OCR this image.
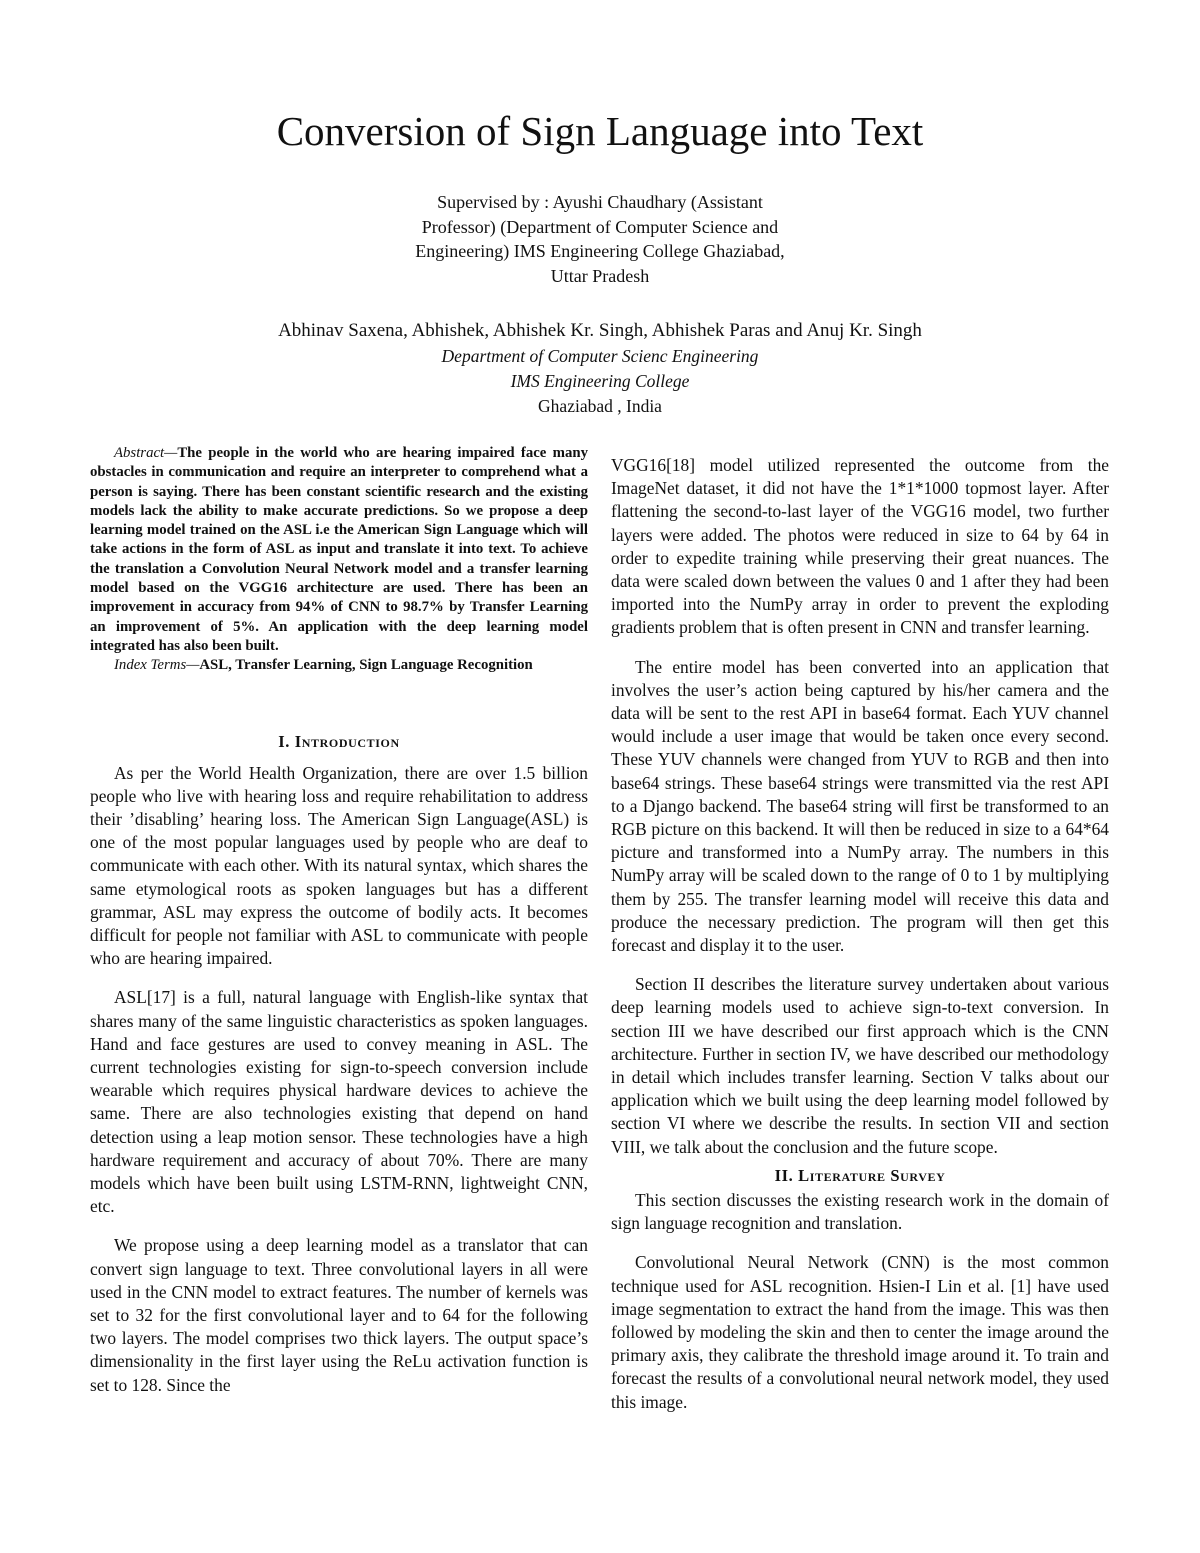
Conversion of Sign Language into Text
Supervised by : Ayushi Chaudhary (Assistant
Professor) (Department of Computer Science and
Engineering) IMS Engineering College Ghaziabad,
Uttar Pradesh
Abhinav Saxena, Abhishek, Abhishek Kr. Singh, Abhishek Paras and Anuj Kr. Singh
Department of Computer Scienc Engineering
IMS Engineering College
Ghaziabad , India

Abstract—The people in the world who are hearing impaired face many obstacles in communication and require an interpreter to comprehend what a person is saying. There has been constant scientific research and the existing models lack the ability to make accurate predictions. So we propose a deep learning model trained on the ASL i.e the American Sign Language which will take actions in the form of ASL as input and translate it into text. To achieve the translation a Convolution Neural Network model and a transfer learning model based on the VGG16 architecture are used. There has been an improvement in accuracy from 94% of CNN to 98.7% by Transfer Learning an improvement of 5%. An application with the deep learning model integrated has also been built.

Index Terms—ASL, Transfer Learning, Sign Language Recognition

I. Introduction

As per the World Health Organization, there are over 1.5 billion people who live with hearing loss and require rehabilitation to address their ’disabling’ hearing loss. The American Sign Language(ASL) is one of the most popular languages used by people who are deaf to communicate with each other. With its natural syntax, which shares the same etymological roots as spoken languages but has a different grammar, ASL may express the outcome of bodily acts. It becomes difficult for people not familiar with ASL to communicate with people who are hearing impaired.

ASL[17] is a full, natural language with English-like syntax that shares many of the same linguistic characteristics as spoken languages. Hand and face gestures are used to convey meaning in ASL. The current technologies existing for sign-to-speech conversion include wearable which requires physical hardware devices to achieve the same. There are also technologies existing that depend on hand detection using a leap motion sensor. These technologies have a high hardware requirement and accuracy of about 70%. There are many models which have been built using LSTM-RNN, lightweight CNN, etc.

We propose using a deep learning model as a translator that can convert sign language to text. Three convolutional layers in all were used in the CNN model to extract features. The number of kernels was set to 32 for the first convolutional layer and to 64 for the following two layers. The model comprises two thick layers. The output space’s dimensionality in the first layer using the ReLu activation function is set to 128. Since the

VGG16[18] model utilized represented the outcome from the ImageNet dataset, it did not have the 1*1*1000 topmost layer. After flattening the second-to-last layer of the VGG16 model, two further layers were added. The photos were reduced in size to 64 by 64 in order to expedite training while preserving their great nuances. The data were scaled down between the values 0 and 1 after they had been imported into the NumPy array in order to prevent the exploding gradients problem that is often present in CNN and transfer learning.

The entire model has been converted into an application that involves the user’s action being captured by his/her camera and the data will be sent to the rest API in base64 format. Each YUV channel would include a user image that would be taken once every second. These YUV channels were changed from YUV to RGB and then into base64 strings. These base64 strings were transmitted via the rest API to a Django backend. The base64 string will first be transformed to an RGB picture on this backend. It will then be reduced in size to a 64*64 picture and transformed into a NumPy array. The numbers in this NumPy array will be scaled down to the range of 0 to 1 by multiplying them by 255. The transfer learning model will receive this data and produce the necessary prediction. The program will then get this forecast and display it to the user.

Section II describes the literature survey undertaken about various deep learning models used to achieve sign-to-text conversion. In section III we have described our first approach which is the CNN architecture. Further in section IV, we have described our methodology in detail which includes transfer learning. Section V talks about our application which we built using the deep learning model followed by section VI where we describe the results. In section VII and section VIII, we talk about the conclusion and the future scope.

II. Literature Survey

This section discusses the existing research work in the domain of sign language recognition and translation.

Convolutional Neural Network (CNN) is the most common technique used for ASL recognition. Hsien-I Lin et al. [1] have used image segmentation to extract the hand from the image. This was then followed by modeling the skin and then to center the image around the primary axis, they calibrate the threshold image around it. To train and forecast the results of a convolutional neural network model, they used this image.
